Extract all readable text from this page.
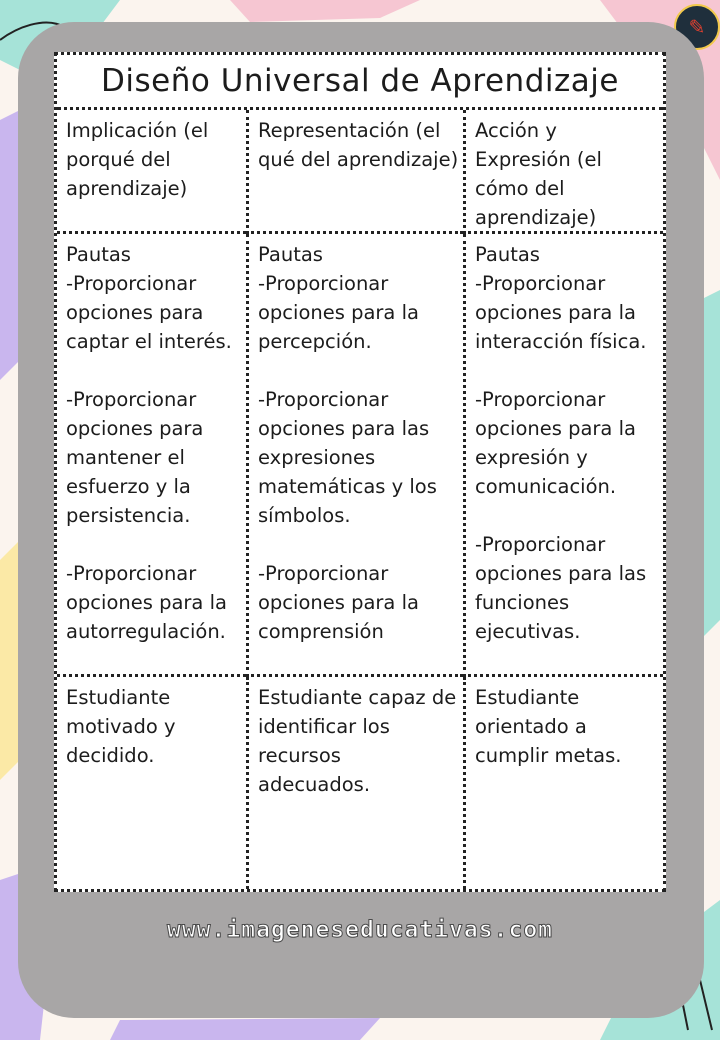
✎
Diseño Universal de Aprendizaje
Implicación (el
porqué del
aprendizaje)
Representación (el
qué del aprendizaje)
Acción y
Expresión (el
cómo del
aprendizaje)
Pautas
-Proporcionar
opciones para
captar el interés.

-Proporcionar
opciones para
mantener el
esfuerzo y la
persistencia.

-Proporcionar
opciones para la
autorregulación.
Pautas
-Proporcionar
opciones para la
percepción.

-Proporcionar
opciones para las
expresiones
matemáticas y los
símbolos.

-Proporcionar
opciones para la
comprensión
Pautas
-Proporcionar
opciones para la
interacción física.

-Proporcionar
opciones para la
expresión y
comunicación.

-Proporcionar
opciones para las
funciones
ejecutivas.
Estudiante
motivado y
decidido.
Estudiante capaz de
identificar los
recursos
adecuados.
Estudiante
orientado a
cumplir metas.
www.imageneseducativas.com
